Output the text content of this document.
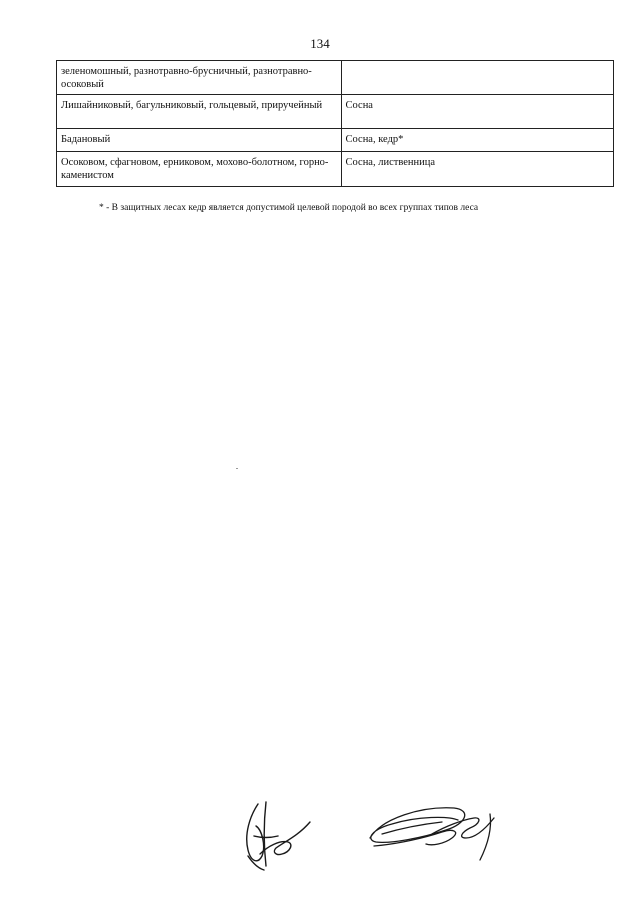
134
зеленомошный, разнотравно-брусничный, разнотравно-осоковый	
Лишайниковый, багульниковый, гольцевый, приручейный	Сосна
Бадановый	Сосна, кедр*
Осоковом, сфагновом, ерниковом, мохово-болотном, горно-каменистом	Сосна, лиственница
* - В защитных лесах кедр является допустимой целевой породой во всех группах типов леса
